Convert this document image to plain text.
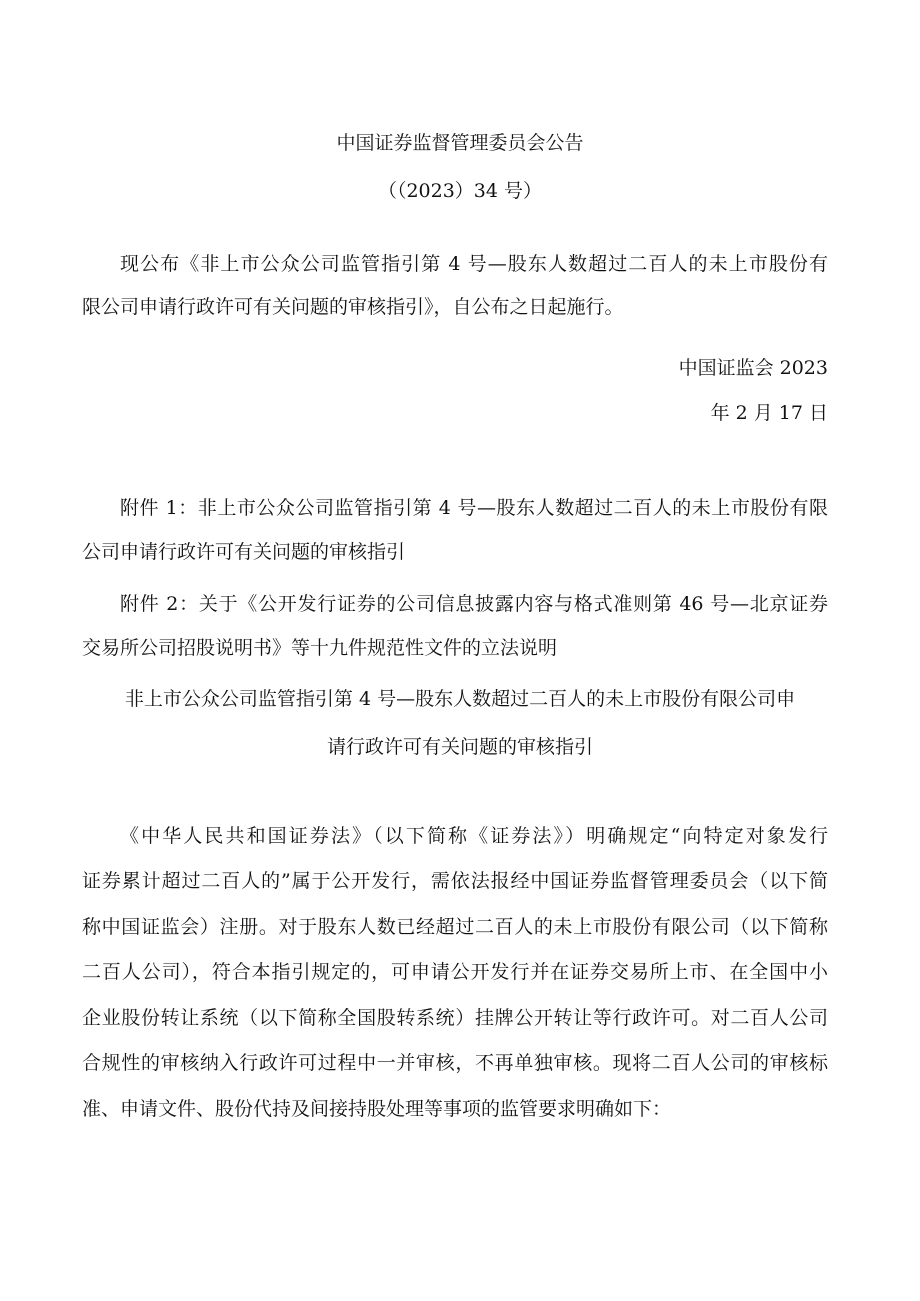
中国证券监督管理委员会公告
（（2023）34 号）
现公布《非上市公众公司监管指引第 4 号—股东人数超过二百人的未上市股份有
限公司申请行政许可有关问题的审核指引》，自公布之日起施行。
中国证监会 2023
年 2 月 17 日
附件 1：非上市公众公司监管指引第 4 号—股东人数超过二百人的未上市股份有限
公司申请行政许可有关问题的审核指引
附件 2：关于《公开发行证券的公司信息披露内容与格式准则第 46 号—北京证券
交易所公司招股说明书》等十九件规范性文件的立法说明
非上市公众公司监管指引第 4 号—股东人数超过二百人的未上市股份有限公司申
请行政许可有关问题的审核指引
《中华人民共和国证券法》（以下简称《证券法》）明确规定“向特定对象发行
证券累计超过二百人的”属于公开发行，需依法报经中国证券监督管理委员会（以下简
称中国证监会）注册。对于股东人数已经超过二百人的未上市股份有限公司（以下简称
二百人公司），符合本指引规定的，可申请公开发行并在证券交易所上市、在全国中小
企业股份转让系统（以下简称全国股转系统）挂牌公开转让等行政许可。对二百人公司
合规性的审核纳入行政许可过程中一并审核，不再单独审核。现将二百人公司的审核标
准、申请文件、股份代持及间接持股处理等事项的监管要求明确如下：
